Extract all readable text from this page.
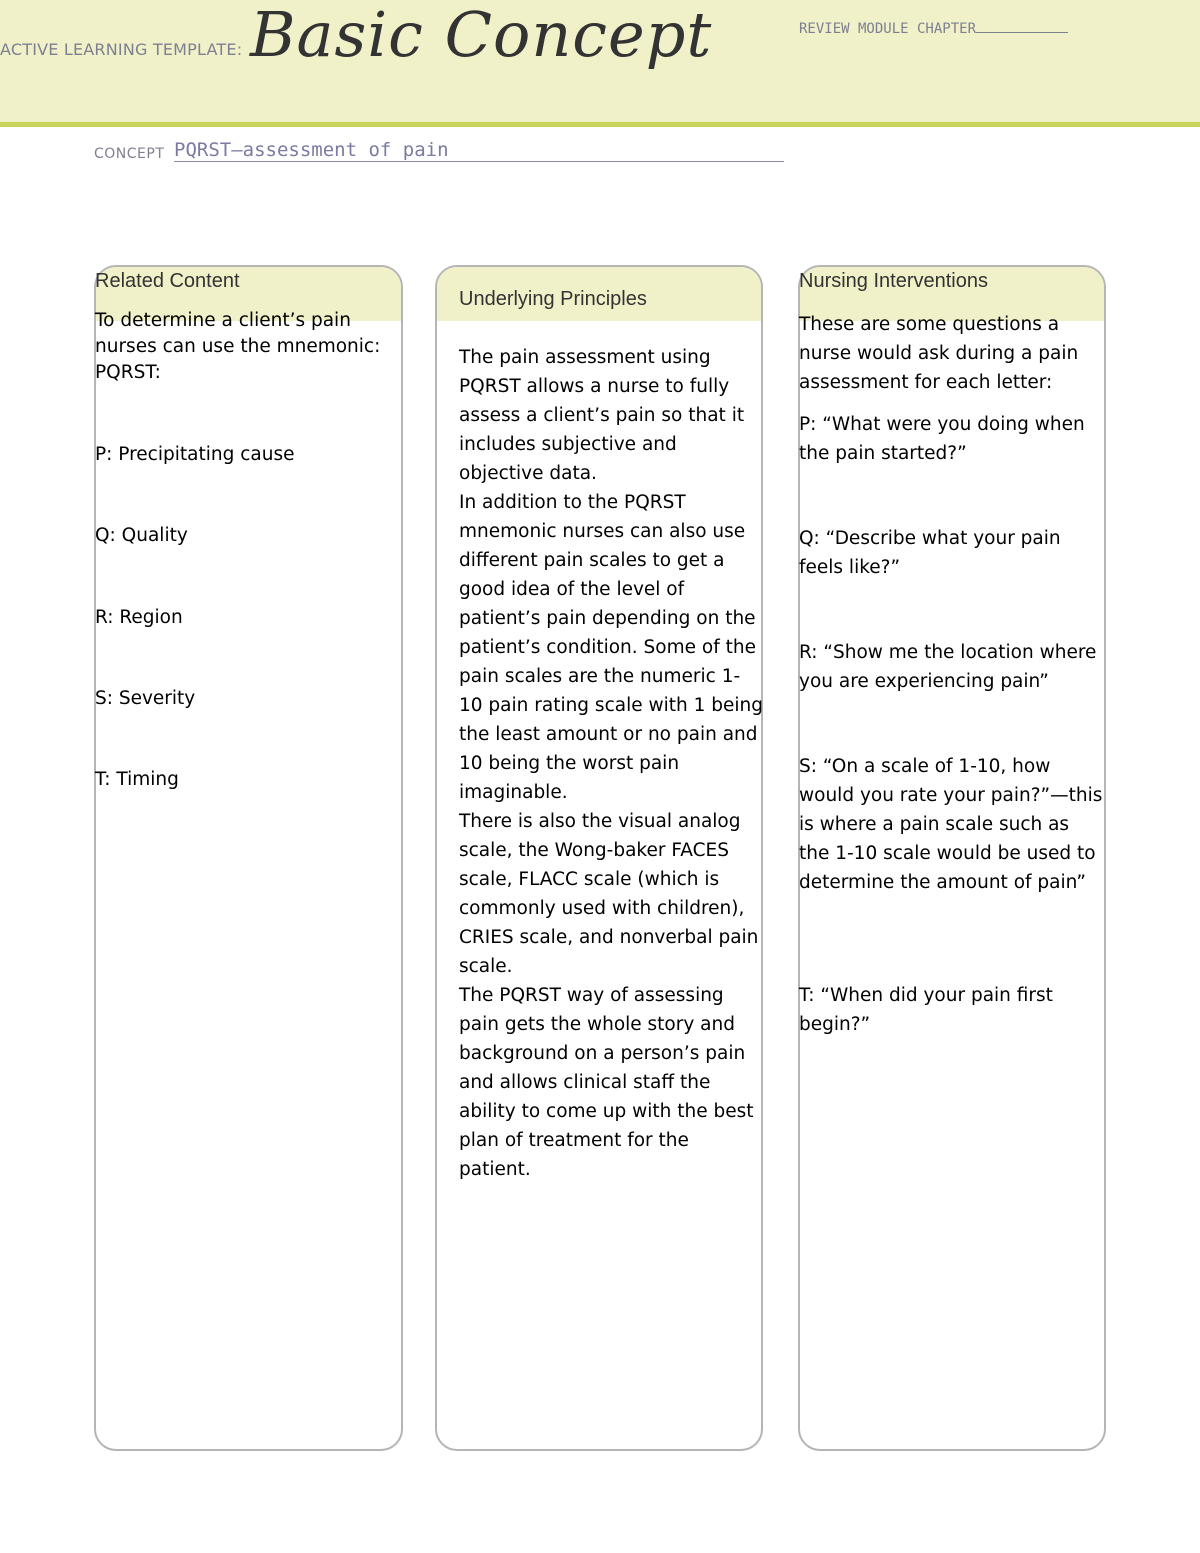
ACTIVE LEARNING TEMPLATE: Basic Concept	REVIEW MODULE CHAPTER
CONCEPT PQRST—assessment of pain
Related Content
To determine a client’s pain nurses can use the mnemonic: PQRST:
P: Precipitating cause
Q: Quality
R: Region
S: Severity
T: Timing
Underlying Principles

The pain assessment using PQRST allows a nurse to fully assess a client’s pain so that it includes subjective and objective data.

In addition to the PQRST mnemonic nurses can also use different pain scales to get a good idea of the level of patient’s pain depending on the patient’s condition. Some of the pain scales are the numeric 1-10 pain rating scale with 1 being the least amount or no pain and 10 being the worst pain imaginable.

There is also the visual analog scale, the Wong-baker FACES scale, FLACC scale (which is commonly used with children), CRIES scale, and nonverbal pain scale.

The PQRST way of assessing pain gets the whole story and background on a person’s pain and allows clinical staff the ability to come up with the best plan of treatment for the patient.

Nursing Interventions
These are some questions a nurse would ask during a pain assessment for each letter:
P: “What were you doing when the pain started?”
Q: “Describe what your pain feels like?”
R: “Show me the location where you are experiencing pain”
S: “On a scale of 1-10, how would you rate your pain?”—this is where a pain scale such as the 1-10 scale would be used to determine the amount of pain”
T: “When did your pain first begin?”
